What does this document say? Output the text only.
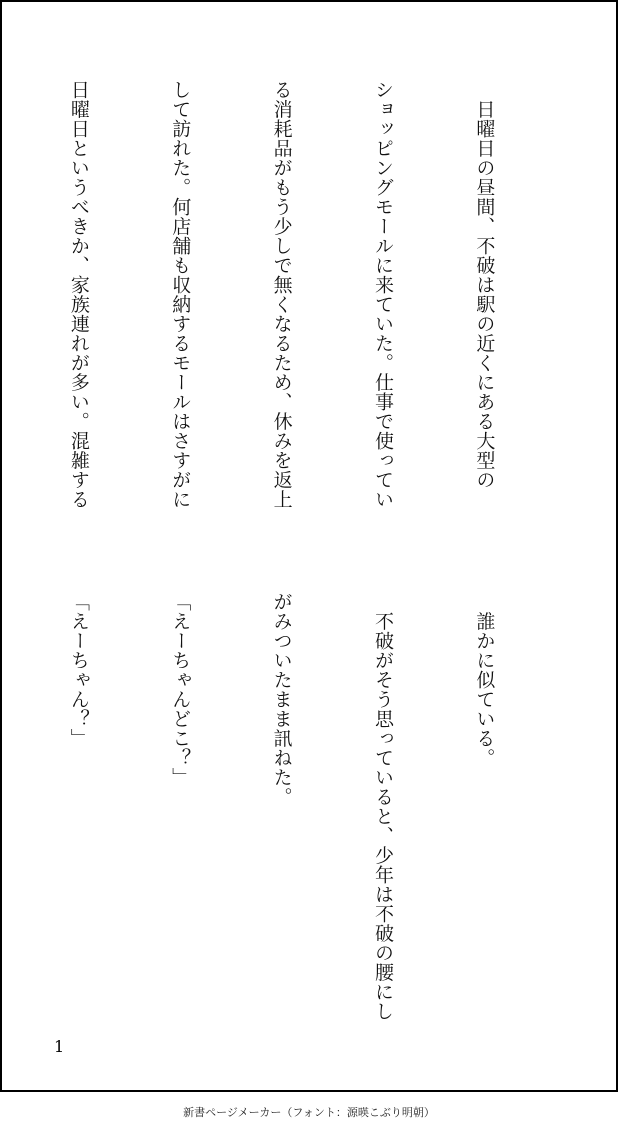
　日曜日の昼間、不破は駅の近くにある大型の

ショッピングモールに来ていた。仕事で使ってい

る消耗品がもう少しで無くなるため、休みを返上

して訪れた。何店舗も収納するモールはさすがに

日曜日というべきか、家族連れが多い。混雑する

　誰かに似ている。

　不破がそう思っていると、少年は不破の腰にし

がみついたまま訊ねた。

「えーちゃんどこ？」

「えーちゃん？」

1
新書ページメーカー（フォント：源暎こぶり明朝）
